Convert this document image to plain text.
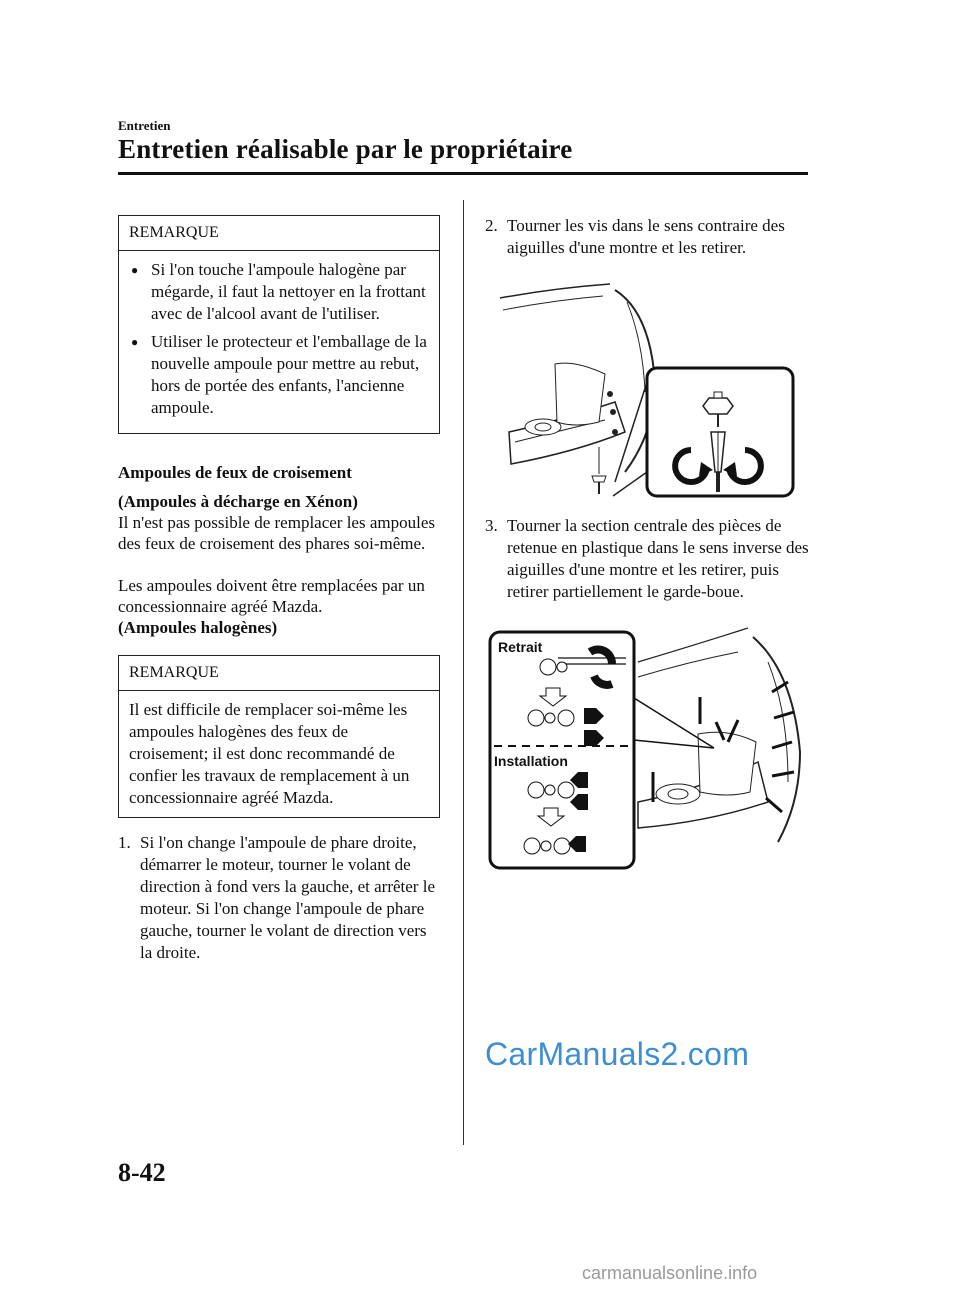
Entretien
Entretien réalisable par le propriétaire
REMARQUE
● Si l'on touche l'ampoule halogène par mégarde, il faut la nettoyer en la frottant avec de l'alcool avant de l'utiliser.
● Utiliser le protecteur et l'emballage de la nouvelle ampoule pour mettre au rebut, hors de portée des enfants, l'ancienne ampoule.
Ampoules de feux de croisement
(Ampoules à décharge en Xénon)
Il n'est pas possible de remplacer les ampoules des feux de croisement des phares soi-même.
Les ampoules doivent être remplacées par un concessionnaire agréé Mazda.
(Ampoules halogènes)
REMARQUE
Il est difficile de remplacer soi-même les ampoules halogènes des feux de croisement; il est donc recommandé de confier les travaux de remplacement à un concessionnaire agréé Mazda.
1. Si l'on change l'ampoule de phare droite, démarrer le moteur, tourner le volant de direction à fond vers la gauche, et arrêter le moteur. Si l'on change l'ampoule de phare gauche, tourner le volant de direction vers la droite.
2. Tourner les vis dans le sens contraire des aiguilles d'une montre et les retirer.
3. Tourner la section centrale des pièces de retenue en plastique dans le sens inverse des aiguilles d'une montre et les retirer, puis retirer partiellement le garde-boue.
Retrait
Installation
8-42
CarManuals2.com
carmanualsonline.info
